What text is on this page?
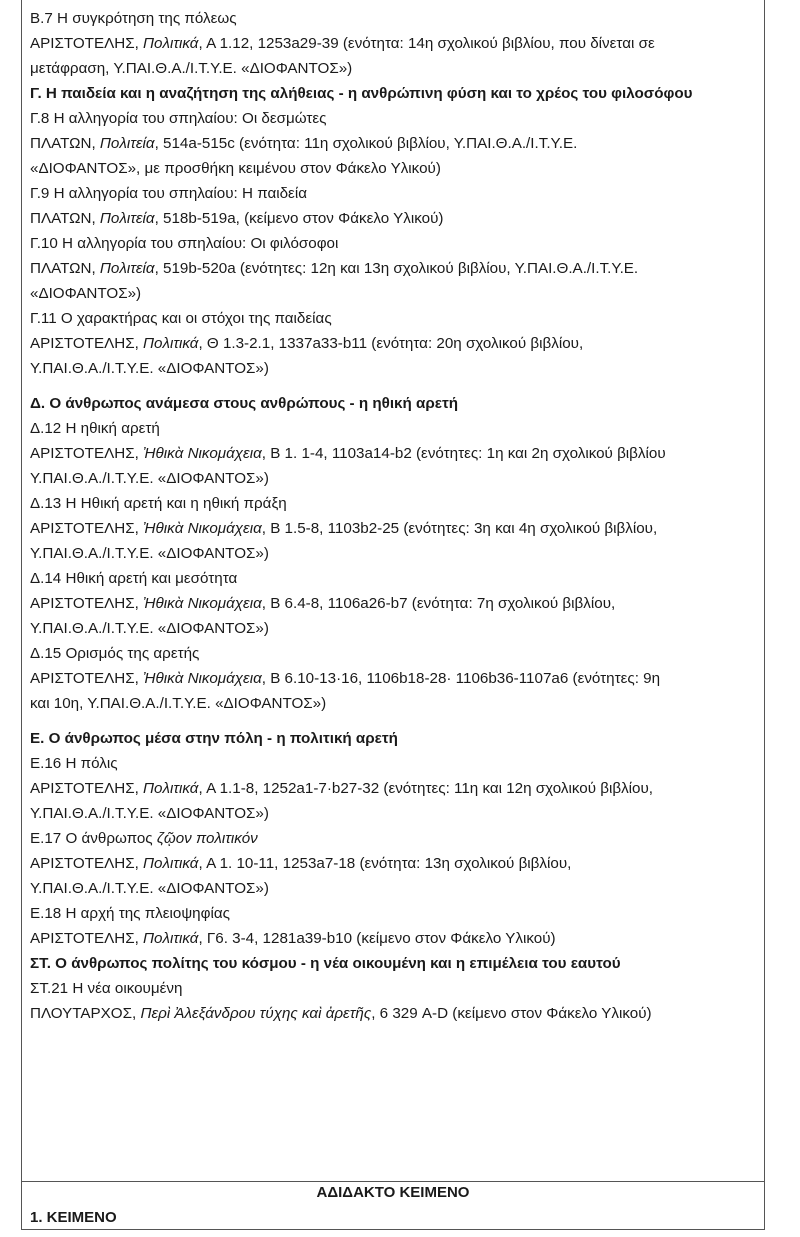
Β.7 Η συγκρότηση της πόλεως
ΑΡΙΣΤΟΤΕΛΗΣ, Πολιτικά, Α 1.12, 1253a29-39 (ενότητα: 14η σχολικού βιβλίου, που δίνεται σε
μετάφραση, Υ.ΠΑΙ.Θ.Α./Ι.Τ.Υ.Ε. «ΔΙΟΦΑΝΤΟΣ»)
Γ. Η παιδεία και η αναζήτηση της αλήθειας - η ανθρώπινη φύση και το χρέος του φιλοσόφου
Γ.8 Η αλληγορία του σπηλαίου: Οι δεσμώτες
ΠΛΑΤΩΝ, Πολιτεία, 514a-515c (ενότητα: 11η σχολικού βιβλίου, Υ.ΠΑΙ.Θ.Α./Ι.Τ.Υ.Ε.
«ΔΙΟΦΑΝΤΟΣ», με προσθήκη κειμένου στον Φάκελο Υλικού)
Γ.9 Η αλληγορία του σπηλαίου: Η παιδεία
ΠΛΑΤΩΝ, Πολιτεία, 518b-519a, (κείμενο στον Φάκελο Υλικού)
Γ.10 Η αλληγορία του σπηλαίου: Οι φιλόσοφοι
ΠΛΑΤΩΝ, Πολιτεία, 519b-520a (ενότητες: 12η και 13η σχολικού βιβλίου, Υ.ΠΑΙ.Θ.Α./Ι.Τ.Υ.Ε.
«ΔΙΟΦΑΝΤΟΣ»)
Γ.11 Ο χαρακτήρας και οι στόχοι της παιδείας
ΑΡΙΣΤΟΤΕΛΗΣ, Πολιτικά, Θ 1.3-2.1, 1337a33-b11 (ενότητα: 20η σχολικού βιβλίου,
Υ.ΠΑΙ.Θ.Α./Ι.Τ.Υ.Ε. «ΔΙΟΦΑΝΤΟΣ»)
Δ. Ο άνθρωπος ανάμεσα στους ανθρώπους - η ηθική αρετή
Δ.12 Η ηθική αρετή
ΑΡΙΣΤΟΤΕΛΗΣ, Ἠθικὰ Νικομάχεια, Β 1. 1-4, 1103a14-b2 (ενότητες: 1η και 2η σχολικού βιβλίου
Υ.ΠΑΙ.Θ.Α./Ι.Τ.Υ.Ε. «ΔΙΟΦΑΝΤΟΣ»)
Δ.13 Η Ηθική αρετή και η ηθική πράξη
ΑΡΙΣΤΟΤΕΛΗΣ, Ἠθικὰ Νικομάχεια, Β 1.5-8, 1103b2-25 (ενότητες: 3η και 4η σχολικού βιβλίου,
Υ.ΠΑΙ.Θ.Α./Ι.Τ.Υ.Ε. «ΔΙΟΦΑΝΤΟΣ»)
Δ.14 Ηθική αρετή και μεσότητα
ΑΡΙΣΤΟΤΕΛΗΣ, Ἠθικὰ Νικομάχεια, Β 6.4-8, 1106a26-b7 (ενότητα: 7η σχολικού βιβλίου,
Υ.ΠΑΙ.Θ.Α./Ι.Τ.Υ.Ε. «ΔΙΟΦΑΝΤΟΣ»)
Δ.15 Ορισμός της αρετής
ΑΡΙΣΤΟΤΕΛΗΣ, Ἠθικὰ Νικομάχεια, Β 6.10-13·16, 1106b18-28· 1106b36-1107a6 (ενότητες: 9η
και 10η, Υ.ΠΑΙ.Θ.Α./Ι.Τ.Υ.Ε. «ΔΙΟΦΑΝΤΟΣ»)
Ε. Ο άνθρωπος μέσα στην πόλη - η πολιτική αρετή
Ε.16 Η πόλις
ΑΡΙΣΤΟΤΕΛΗΣ, Πολιτικά, Α 1.1-8, 1252a1-7·b27-32 (ενότητες: 11η και 12η σχολικού βιβλίου,
Υ.ΠΑΙ.Θ.Α./Ι.Τ.Υ.Ε. «ΔΙΟΦΑΝΤΟΣ»)
Ε.17 Ο άνθρωπος ζῷον πολιτικόν
ΑΡΙΣΤΟΤΕΛΗΣ, Πολιτικά, Α 1. 10-11, 1253a7-18 (ενότητα: 13η σχολικού βιβλίου,
Υ.ΠΑΙ.Θ.Α./Ι.Τ.Υ.Ε. «ΔΙΟΦΑΝΤΟΣ»)
Ε.18 Η αρχή της πλειοψηφίας
ΑΡΙΣΤΟΤΕΛΗΣ, Πολιτικά, Γ6. 3-4, 1281a39-b10 (κείμενο στον Φάκελο Υλικού)
ΣΤ. Ο άνθρωπος πολίτης του κόσμου - η νέα οικουμένη και η επιμέλεια του εαυτού
ΣΤ.21 Η νέα οικουμένη
ΠΛΟΥΤΑΡΧΟΣ, Περὶ Ἀλεξάνδρου τύχης καὶ ἀρετῆς, 6 329 A-D (κείμενο στον Φάκελο Υλικού)
ΑΔΙΔΑΚΤΟ ΚΕΙΜΕΝΟ
1. ΚΕΙΜΕΝΟ
